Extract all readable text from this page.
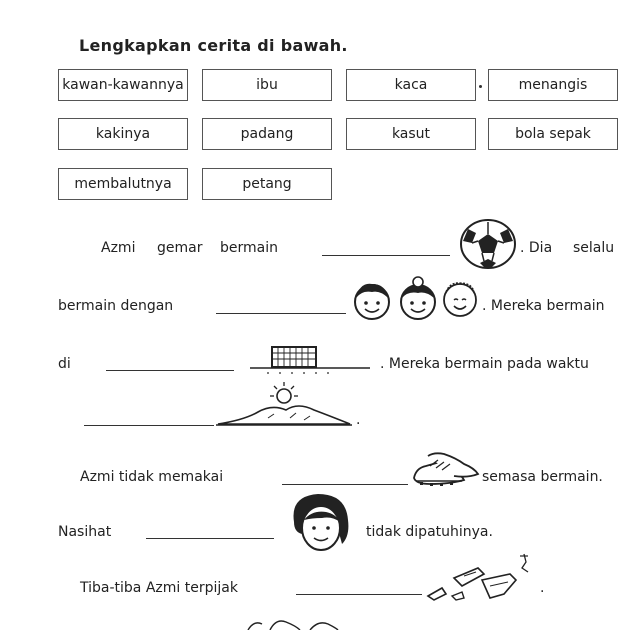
Lengkapkan cerita di bawah.
kawan-kawannya	ibu	kaca	menangis
kakinya	padang	kasut	bola sepak
membalutnya	petang
Azmi gemar bermain	. Dia selalu
bermain dengan	. Mereka bermain
di	. Mereka bermain pada waktu
.
Azmi tidak memakai	semasa bermain.
Nasihat	tidak dipatuhinya.
Tiba-tiba Azmi terpijak	.
